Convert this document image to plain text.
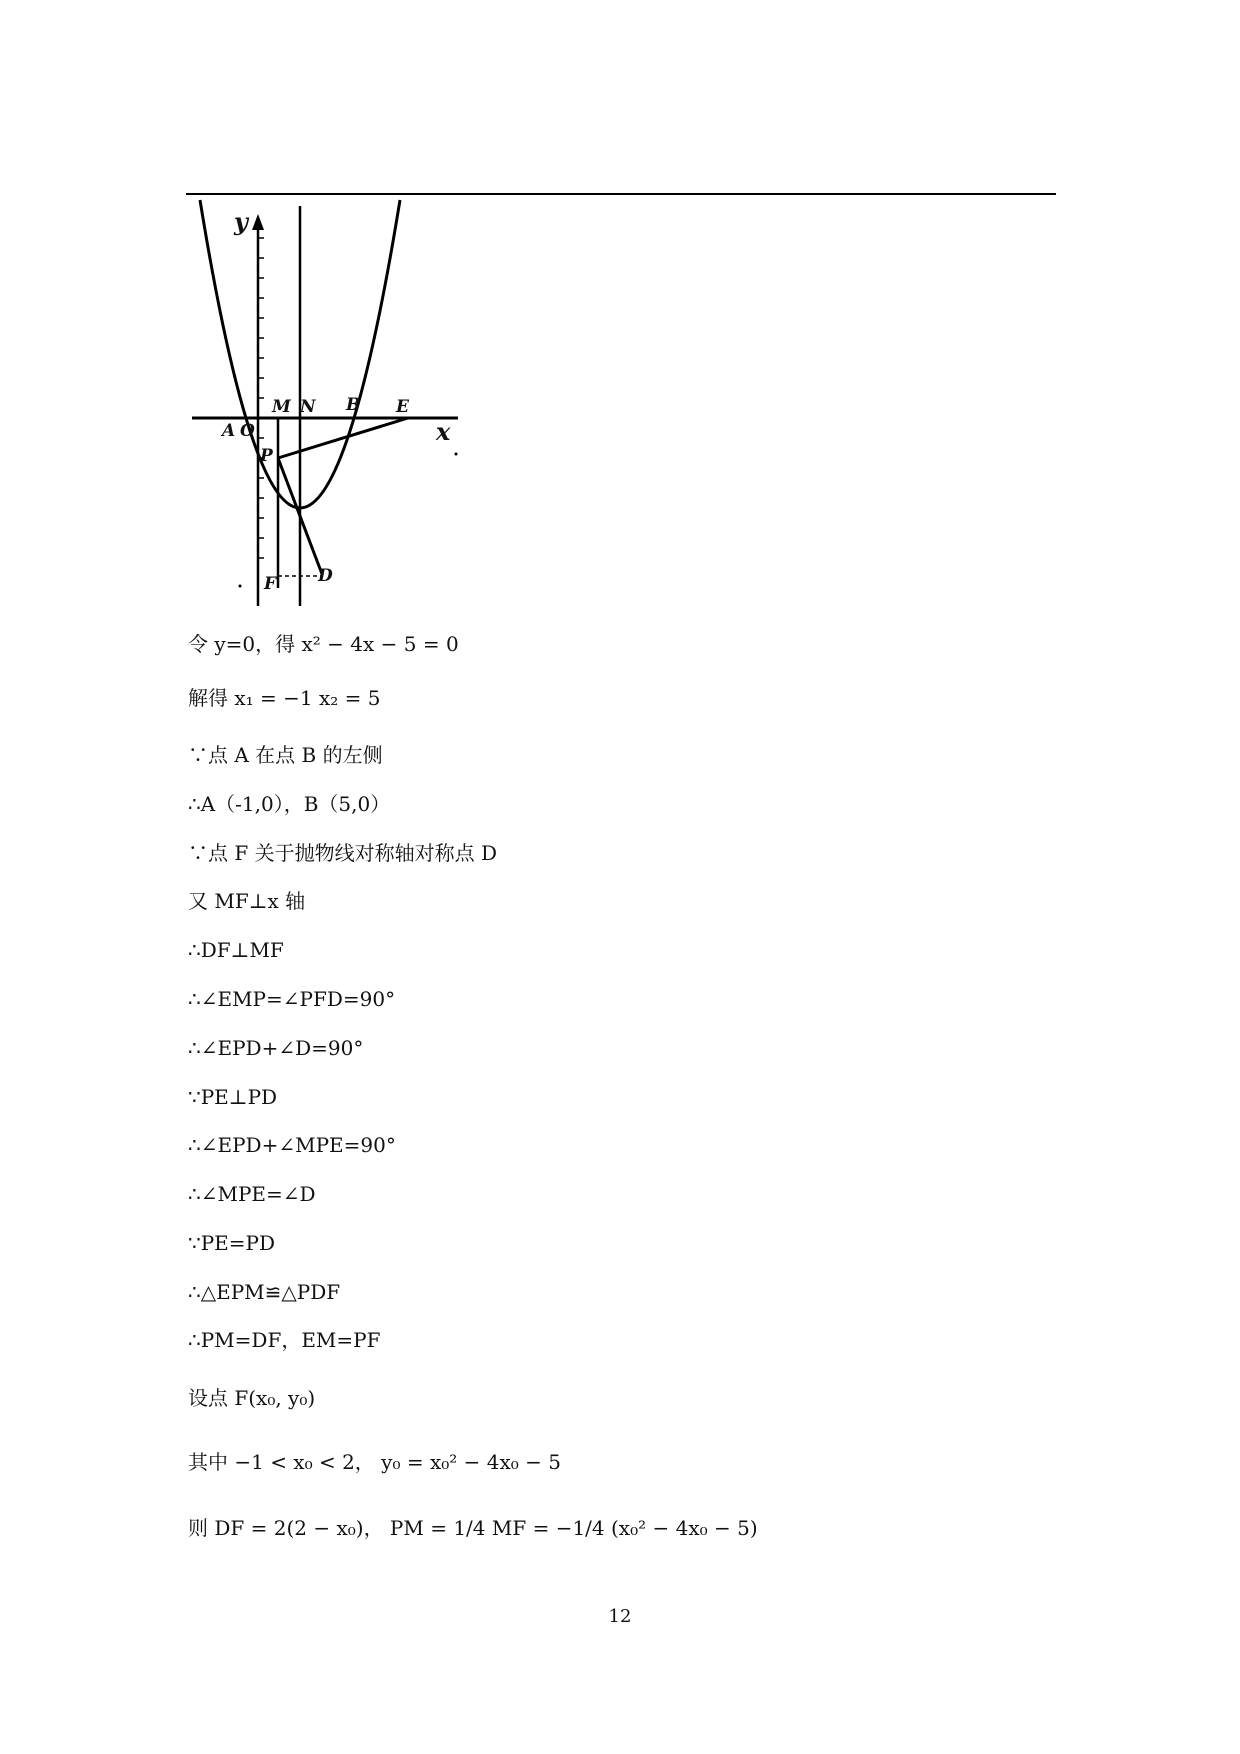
y
x
A O
M N B E
P
F D
令 y=0，得 x² − 4x − 5 = 0
解得 x₁ = −1 x₂ = 5
∵点 A 在点 B 的左侧
∴A（-1,0），B（5,0）
∵点 F 关于抛物线对称轴对称点 D
又 MF⊥x 轴
∴DF⊥MF
∴∠EMP=∠PFD=90°
∴∠EPD+∠D=90°
∵PE⊥PD
∴∠EPD+∠MPE=90°
∴∠MPE=∠D
∵PE=PD
∴△EPM≌△PDF
∴PM=DF，EM=PF
设点 F(x₀, y₀)
其中 −1 < x₀ < 2， y₀ = x₀² − 4x₀ − 5
则 DF = 2(2 − x₀)， PM = 1/4 MF = −1/4 (x₀² − 4x₀ − 5)
12
